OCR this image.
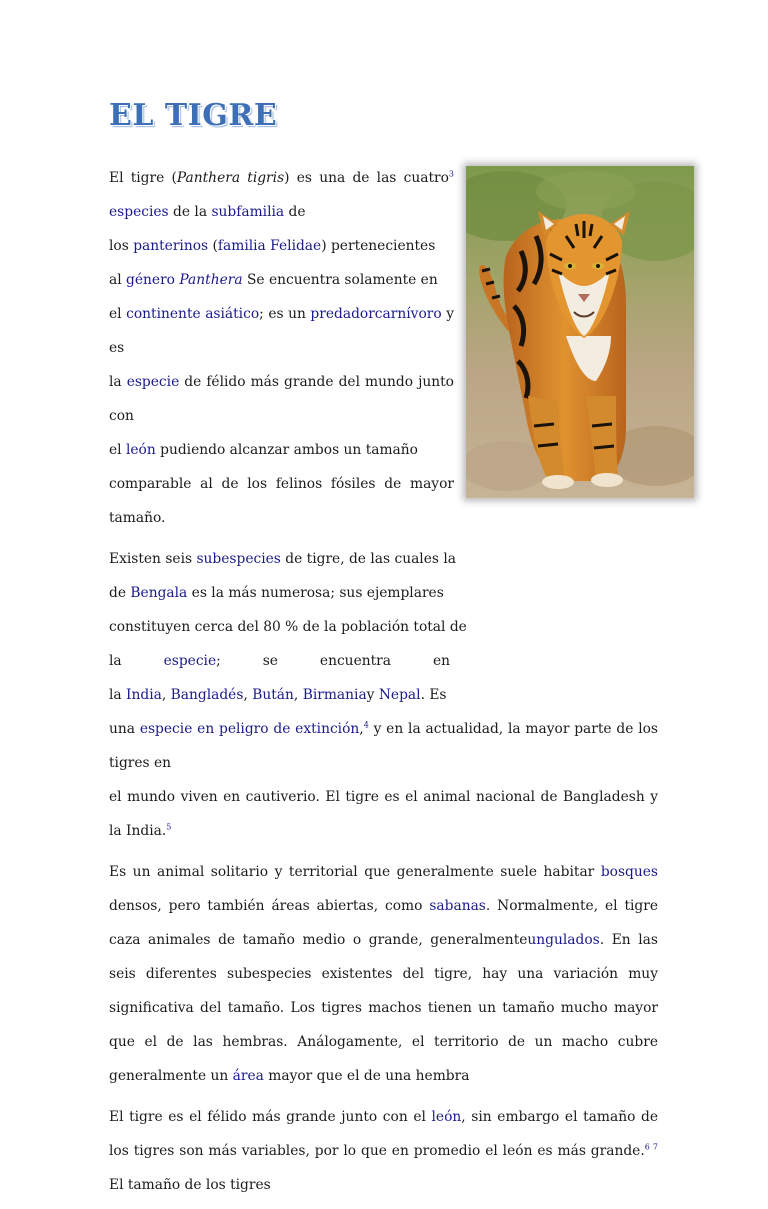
EL TIGRE

El tigre (Panthera tigris) es una de las cuatro$^3$ especies de la subfamilia de
los panterinos (familia Felidae) pertenecientes
al género Panthera Se encuentra solamente en
el continente asiático; es un predadorcarnívoro y es
la especie de félido más grande del mundo junto con
el león pudiendo alcanzar ambos un tamaño
comparable al de los felinos fósiles de mayor tamaño.

Existen seis subespecies de tigre, de las cuales la
de Bengala es la más numerosa; sus ejemplares
constituyen cerca del 80 % de la población total de

la	especie;	se	encuentra	en

la India, Bangladés, Bután, Birmaniay Nepal. Es
una especie en peligro de extinción,$^4$ y en la actualidad, la mayor parte de los tigres en
el mundo viven en cautiverio. El tigre es el animal nacional de Bangladesh y la India.$^5$

Es un animal solitario y territorial que generalmente suele habitar bosques densos, pero también áreas abiertas, como sabanas. Normalmente, el tigre caza animales de tamaño medio o grande, generalmenteungulados. En las seis diferentes subespecies existentes del tigre, hay una variación muy significativa del tamaño. Los tigres machos tienen un tamaño mucho mayor que el de las hembras. Análogamente, el territorio de un macho cubre generalmente un área mayor que el de una hembra

El tigre es el félido más grande junto con el león, sin embargo el tamaño de los tigres son más variables, por lo que en promedio el león es más grande.$^6$ $^7$ El tamaño de los tigres
